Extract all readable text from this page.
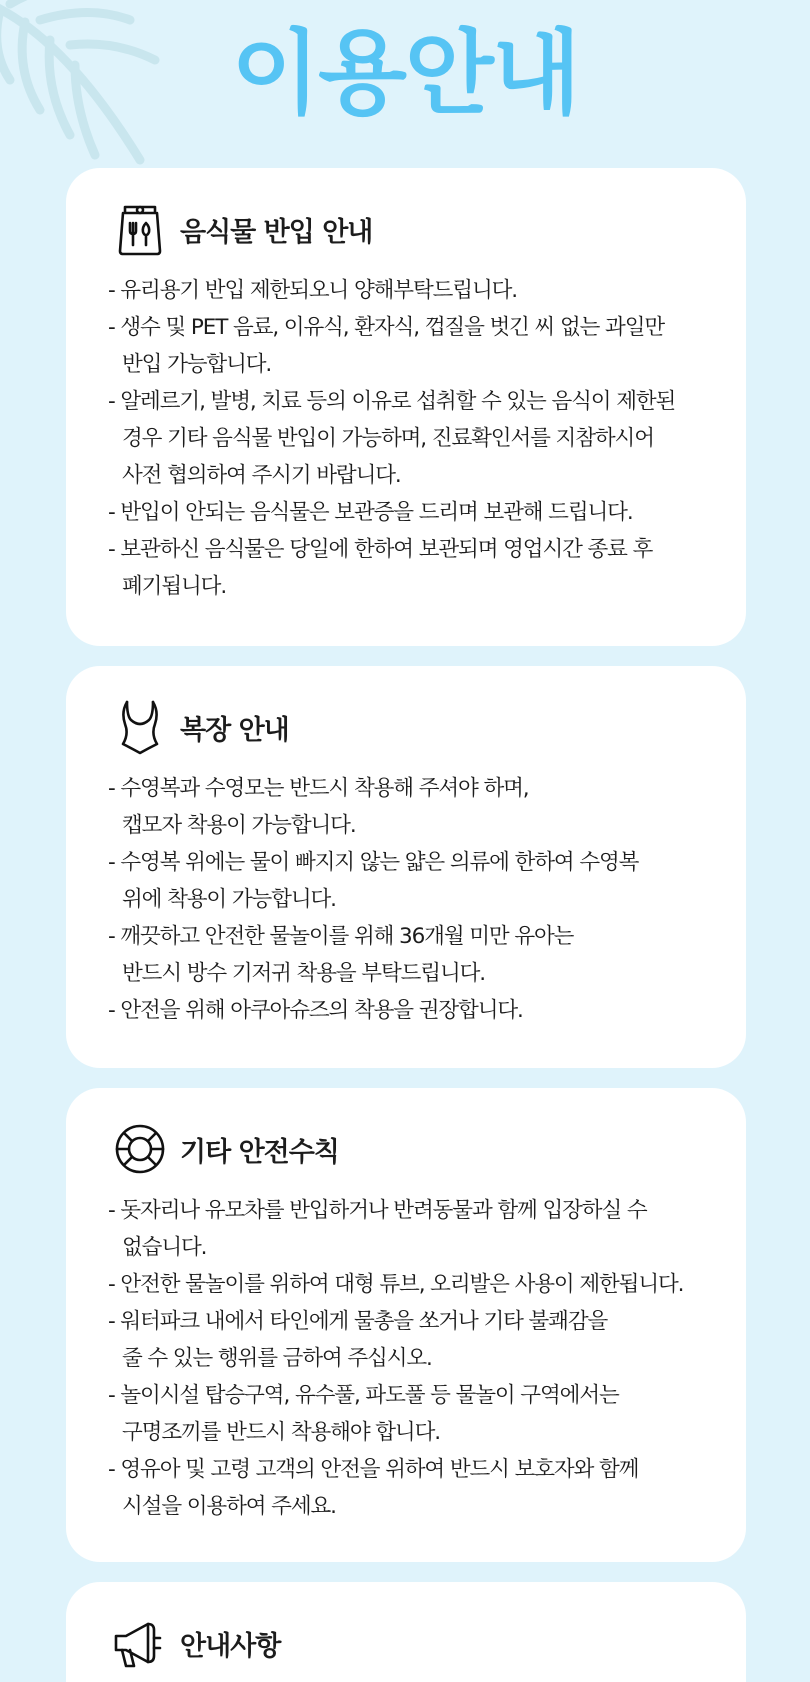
이용안내
음식물 반입 안내
- 유리용기 반입 제한되오니 양해부탁드립니다.
- 생수 및 PET 음료, 이유식, 환자식, 껍질을 벗긴 씨 없는 과일만
반입 가능합니다.
- 알레르기, 발병, 치료 등의 이유로 섭취할 수 있는 음식이 제한된
경우 기타 음식물 반입이 가능하며, 진료확인서를 지참하시어
사전 협의하여 주시기 바랍니다.
- 반입이 안되는 음식물은 보관증을 드리며 보관해 드립니다.
- 보관하신 음식물은 당일에 한하여 보관되며 영업시간 종료 후
폐기됩니다.
복장 안내
- 수영복과 수영모는 반드시 착용해 주셔야 하며,
캡모자 착용이 가능합니다.
- 수영복 위에는 물이 빠지지 않는 얇은 의류에 한하여 수영복
위에 착용이 가능합니다.
- 깨끗하고 안전한 물놀이를 위해 36개월 미만 유아는
반드시 방수 기저귀 착용을 부탁드립니다.
- 안전을 위해 아쿠아슈즈의 착용을 권장합니다.
기타 안전수칙
- 돗자리나 유모차를 반입하거나 반려동물과 함께 입장하실 수
없습니다.
- 안전한 물놀이를 위하여 대형 튜브, 오리발은 사용이 제한됩니다.
- 워터파크 내에서 타인에게 물총을 쏘거나 기타 불쾌감을
줄 수 있는 행위를 금하여 주십시오.
- 놀이시설 탑승구역, 유수풀, 파도풀 등 물놀이 구역에서는
구명조끼를 반드시 착용해야 합니다.
- 영유아 및 고령 고객의 안전을 위하여 반드시 보호자와 함께
시설을 이용하여 주세요.
안내사항
